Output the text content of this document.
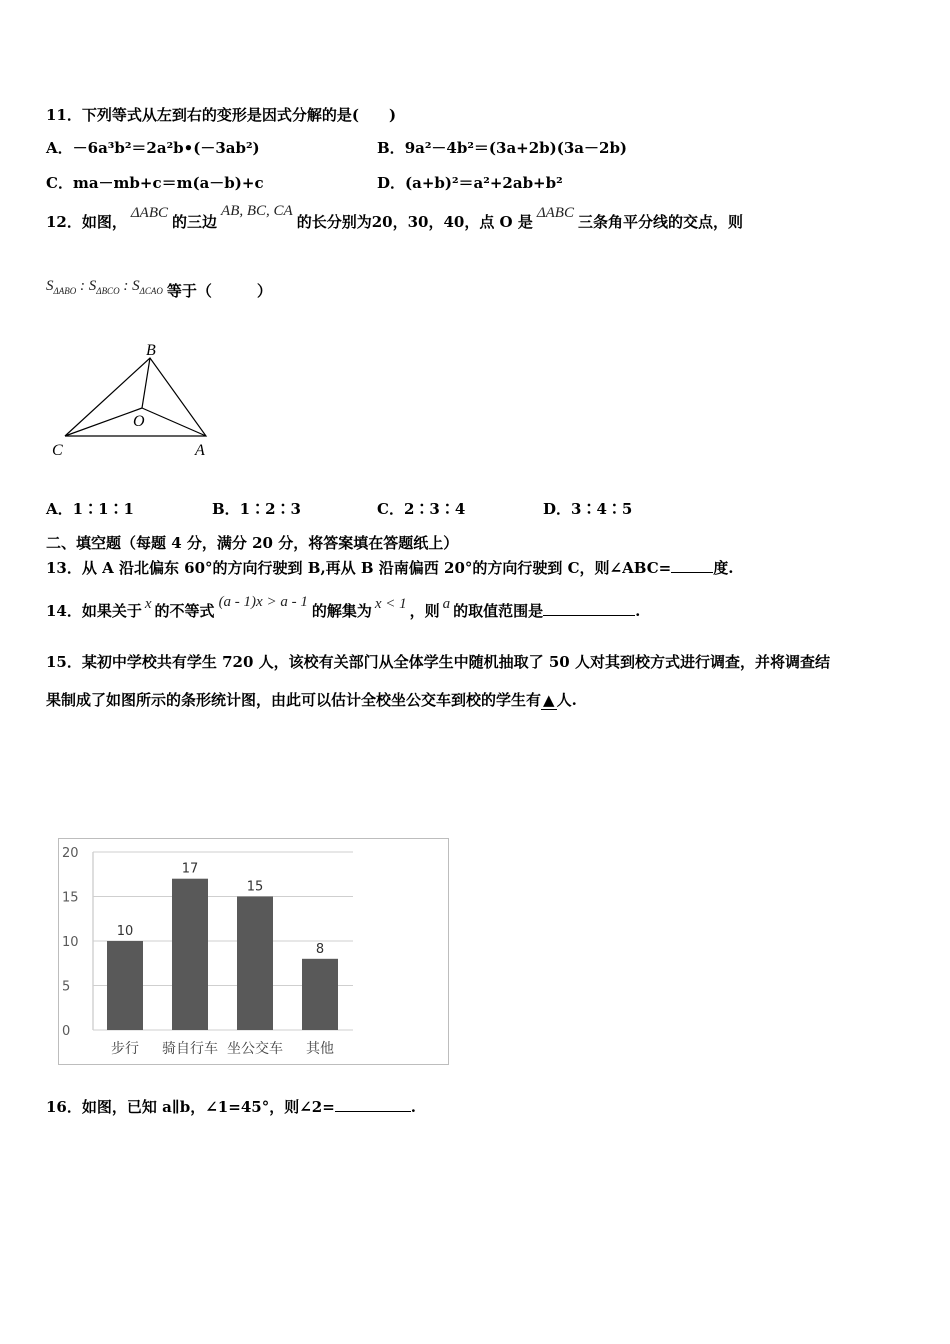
11．下列等式从左到右的变形是因式分解的是(　　)
A．－6a³b²＝2a²b•(－3ab²)	B．9a²－4b²＝(3a+2b)(3a－2b)
C．ma－mb+c＝m(a－b)+c	D．(a+b)²＝a²+2ab+b²
12．如图， ΔABC 的三边AB, BC, CA的长分别为20，30，40，点 O 是 ΔABC 三条角平分线的交点，则
$S_{\Delta ABO}$ : $S_{\Delta BCO}$ : $S_{\Delta CAO}$ 等于（　　　）
B
O
C	A
A．1∶1∶1	B．1∶2∶3	C．2∶3∶4	D．3∶4∶5
二、填空题（每题 4 分，满分 20 分，将答案填在答题纸上）
13．从 A 沿北偏东 60°的方向行驶到 B,再从 B 沿南偏西 20°的方向行驶到 C，则∠ABC=	度.
14．如果关于 x 的不等式 (a - 1)x > a - 1 的解集为 x < 1 ，则 a 的取值范围是	.
15．某初中学校共有学生 720 人，该校有关部门从全体学生中随机抽取了 50 人对其到校方式进行调查，并将调查结
果制成了如图所示的条形统计图，由此可以估计全校坐公交车到校的学生有 ▲ 人.
0
5
10
15
20
10
步行
17
骑自行车
15
坐公交车
8
其他
16．如图，已知 a∥b，∠1=45°，则∠2=	.
